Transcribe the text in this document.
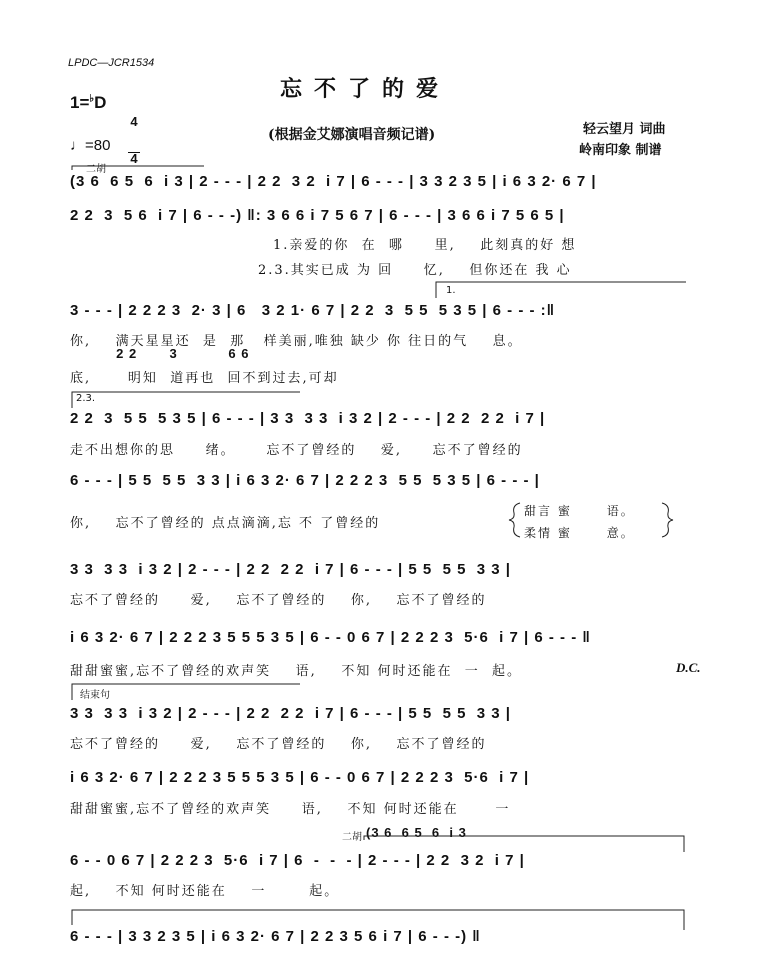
LPDC—JCR1534
忘不了的爱
1=♭D

$\frac{4}{4}$

♩=80
(根据金艾娜演唱音频记谱)	轻云望月 词曲
岭南印象 制谱
二胡
(3 6  6 5  6  i 3 | 2 - - - | 2 2  3 2  i 7 | 6 - - - | 3 3 2 3 5 | i 6 3 2· 6 7 |
2 2  3  5 6  i 7 | 6 - - -) ‖: 3 6 6 i 7 5 6 7 | 6 - - - | 3 6 6 i 7 5 6 5 |
1.亲爱的你  在  哪     里,    此刻真的好 想
2.3.其实已成 为 回     忆,    但你还在 我 心
1.
3 - - - | 2 2 2 3  2· 3 | 6   3 2 1· 6 7 | 2 2  3  5 5  5 3 5 | 6 - - - :‖
你,    满天星星还  是  那   样美丽,唯独 缺少 你 往日的气    息。
2 2       3           6 6
底,      明知  道再也  回不到过去,可却
2.3.
2 2  3  5 5  5 3 5 | 6 - - - | 3 3  3 3  i 3 2 | 2 - - - | 2 2  2 2  i 7 |
走不出想你的思     绪。     忘不了曾经的    爱,     忘不了曾经的
6 - - - | 5 5  5 5  3 3 | i 6 3 2· 6 7 | 2 2 2 3  5 5  5 3 5 | 6 - - - |
你,    忘不了曾经的 点点滴滴,忘 不 了曾经的
甜言 蜜      语。
柔情 蜜      意。
3 3  3 3  i 3 2 | 2 - - - | 2 2  2 2  i 7 | 6 - - - | 5 5  5 5  3 3 |
忘不了曾经的     爱,    忘不了曾经的    你,    忘不了曾经的
i 6 3 2· 6 7 | 2 2 2 3 5 5 5 3 5 | 6 - - 0 6 7 | 2 2 2 3  5·6  i 7 | 6 - - - ‖
甜甜蜜蜜,忘不了曾经的欢声笑    语,    不知 何时还能在  一  起。	D.C.
结束句
3 3  3 3  i 3 2 | 2 - - - | 2 2  2 2  i 7 | 6 - - - | 5 5  5 5  3 3 |
忘不了曾经的     爱,    忘不了曾经的    你,    忘不了曾经的
i 6 3 2· 6 7 | 2 2 2 3 5 5 5 3 5 | 6 - - 0 6 7 | 2 2 2 3  5·6  i 7 |
甜甜蜜蜜,忘不了曾经的欢声笑     语,    不知 何时还能在      一
二胡 (3 6  6 5  6  i 3
6 - - 0 6 7 | 2 2 2 3  5·6  i 7 | 6  -  -  - | 2 - - - | 2 2  3 2  i 7 |
起,    不知 何时还能在    一       起。
6 - - - | 3 3 2 3 5 | i 6 3 2· 6 7 | 2 2 3 5 6 i 7 | 6 - - -) ‖
